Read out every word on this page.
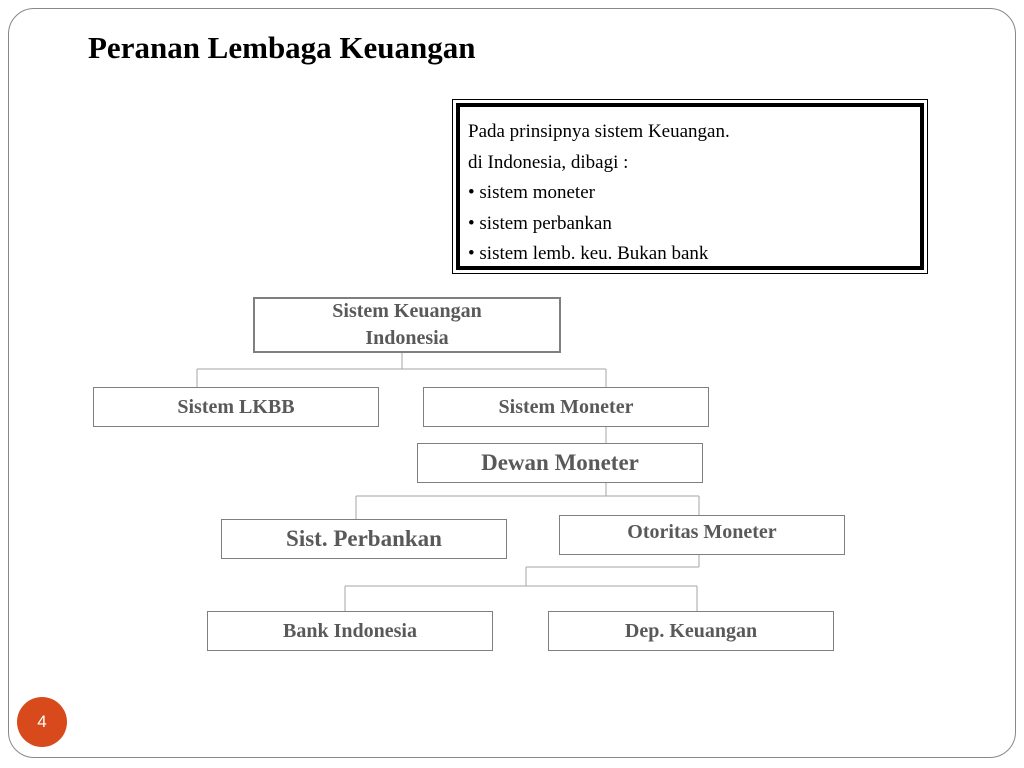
Peranan Lembaga Keuangan
Pada prinsipnya sistem Keuangan.
di Indonesia, dibagi :
• sistem moneter
• sistem perbankan
• sistem lemb. keu. Bukan bank
Sistem Keuangan
Indonesia
Sistem LKBB	Sistem Moneter
Dewan Moneter
Sist. Perbankan	Otoritas Moneter
Bank Indonesia	Dep. Keuangan
4
